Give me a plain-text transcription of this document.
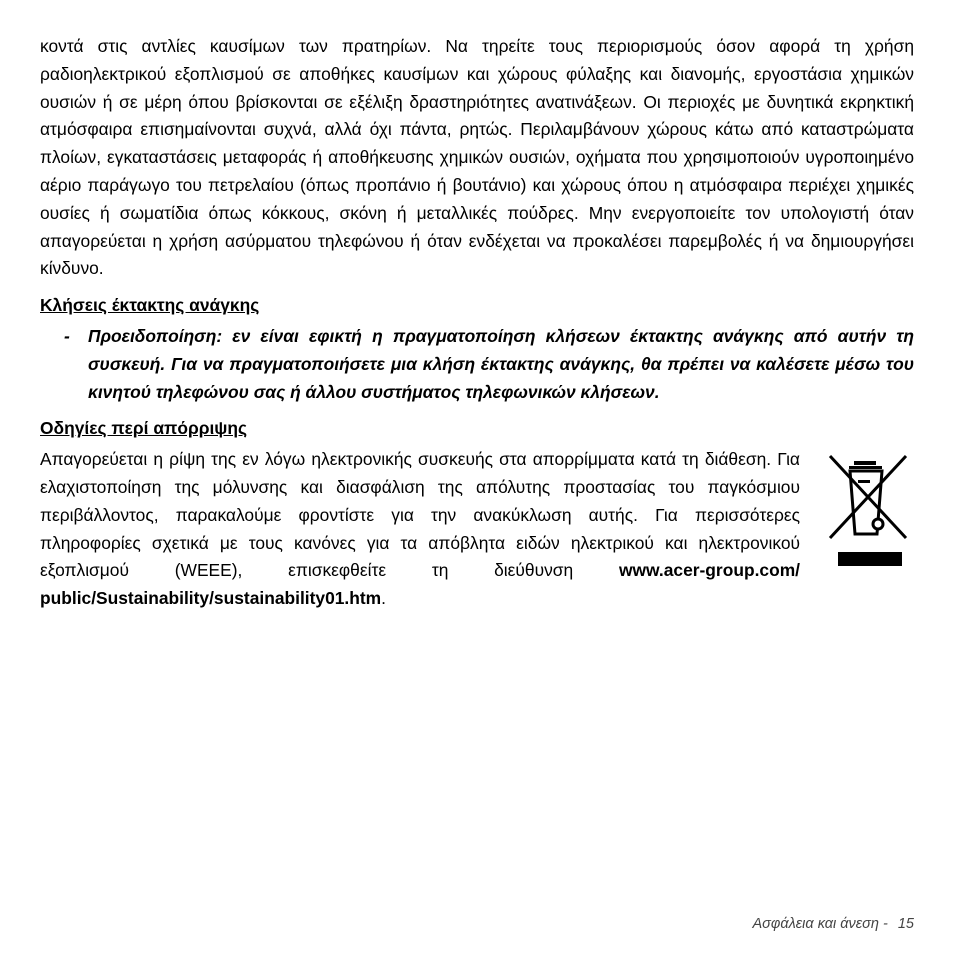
κοντά στις αντλίες καυσίμων των πρατηρίων. Να τηρείτε τους περιορισμούς όσον αφορά τη χρήση ραδιοηλεκτρικού εξοπλισμού σε αποθήκες καυσίμων και χώρους φύλαξης και διανομής, εργοστάσια χημικών ουσιών ή σε μέρη όπου βρίσκονται σε εξέλιξη δραστηριότητες ανατινάξεων. Οι περιοχές με δυνητικά εκρηκτική ατμόσφαιρα επισημαίνονται συχνά, αλλά όχι πάντα, ρητώς. Περιλαμβάνουν χώρους κάτω από καταστρώματα πλοίων, εγκαταστάσεις μεταφοράς ή αποθήκευσης χημικών ουσιών, οχήματα που χρησιμοποιούν υγροποιημένο αέριο παράγωγο του πετρελαίου (όπως προπάνιο ή βουτάνιο) και χώρους όπου η ατμόσφαιρα περιέχει χημικές ουσίες ή σωματίδια όπως κόκκους, σκόνη ή μεταλλικές πούδρες. Μην ενεργοποιείτε τον υπολογιστή όταν απαγορεύεται η χρήση ασύρματου τηλεφώνου ή όταν ενδέχεται να προκαλέσει παρεμβολές ή να δημιουργήσει κίνδυνο.

Κλήσεις έκτακτης ανάγκης

- Προειδοποίηση: εν είναι εφικτή η πραγματοποίηση κλήσεων έκτακτης ανάγκης από αυτήν τη συσκευή. Για να πραγματοποιήσετε μια κλήση έκτακτης ανάγκης, θα πρέπει να καλέσετε μέσω του κινητού τηλεφώνου σας ή άλλου συστήματος τηλεφωνικών κλήσεων.

Οδηγίες περί απόρριψης

Απαγορεύεται η ρίψη της εν λόγω ηλεκτρονικής συσκευής στα απορρίμματα κατά τη διάθεση. Για ελαχιστοποίηση της μόλυνσης και διασφάλιση της απόλυτης προστασίας του παγκόσμιου περιβάλλοντος, παρακαλούμε φροντίστε για την ανακύκλωση αυτής. Για περισσότερες πληροφορίες σχετικά με τους κανόνες για τα απόβλητα ειδών ηλεκτρικού και ηλεκτρονικού εξοπλισμού (WEEE), επισκεφθείτε τη διεύθυνση	www.acer-group.com/ public/Sustainability/sustainability01.htm.

Ασφάλεια και άνεση - 15
